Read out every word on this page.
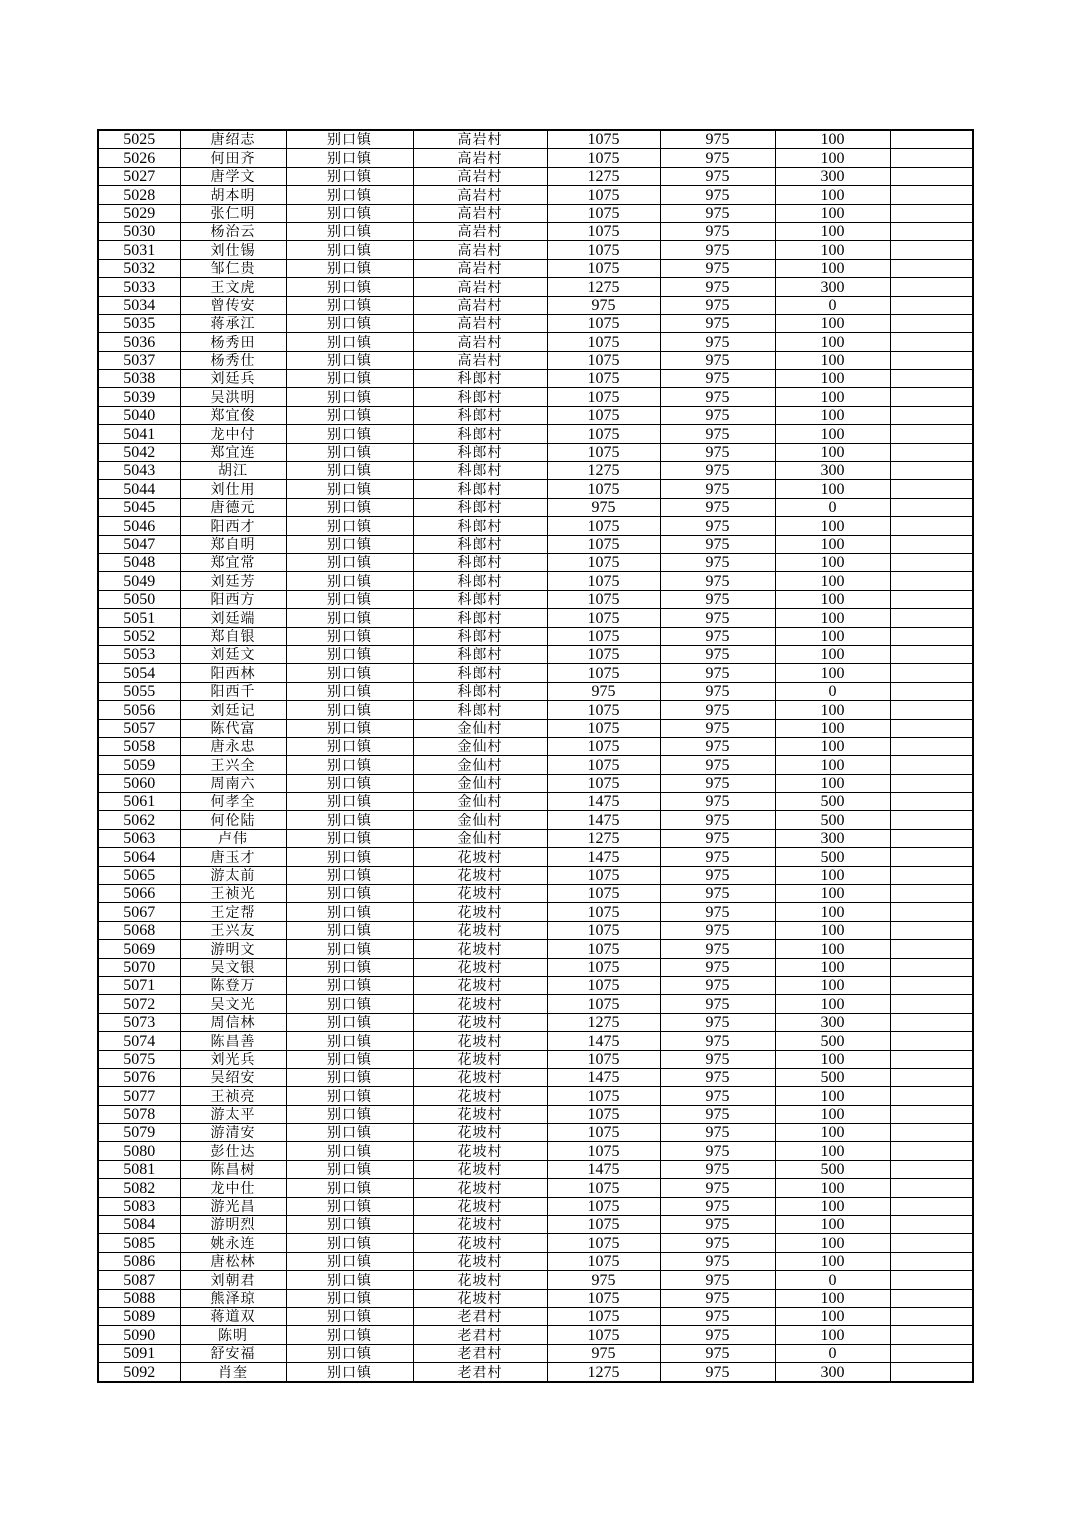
5025	唐绍志	别口镇	高岩村	1075	975	100	
5026	何田齐	别口镇	高岩村	1075	975	100	
5027	唐学文	别口镇	高岩村	1275	975	300	
5028	胡本明	别口镇	高岩村	1075	975	100	
5029	张仁明	别口镇	高岩村	1075	975	100	
5030	杨治云	别口镇	高岩村	1075	975	100	
5031	刘仕锡	别口镇	高岩村	1075	975	100	
5032	邹仁贵	别口镇	高岩村	1075	975	100	
5033	王文虎	别口镇	高岩村	1275	975	300	
5034	曾传安	别口镇	高岩村	975	975	0	
5035	蒋承江	别口镇	高岩村	1075	975	100	
5036	杨秀田	别口镇	高岩村	1075	975	100	
5037	杨秀仕	别口镇	高岩村	1075	975	100	
5038	刘廷兵	别口镇	科郎村	1075	975	100	
5039	吴洪明	别口镇	科郎村	1075	975	100	
5040	郑宜俊	别口镇	科郎村	1075	975	100	
5041	龙中付	别口镇	科郎村	1075	975	100	
5042	郑宜连	别口镇	科郎村	1075	975	100	
5043	胡江	别口镇	科郎村	1275	975	300	
5044	刘仕用	别口镇	科郎村	1075	975	100	
5045	唐德元	别口镇	科郎村	975	975	0	
5046	阳西才	别口镇	科郎村	1075	975	100	
5047	郑自明	别口镇	科郎村	1075	975	100	
5048	郑宜常	别口镇	科郎村	1075	975	100	
5049	刘廷芳	别口镇	科郎村	1075	975	100	
5050	阳西方	别口镇	科郎村	1075	975	100	
5051	刘廷端	别口镇	科郎村	1075	975	100	
5052	郑自银	别口镇	科郎村	1075	975	100	
5053	刘廷文	别口镇	科郎村	1075	975	100	
5054	阳西林	别口镇	科郎村	1075	975	100	
5055	阳西千	别口镇	科郎村	975	975	0	
5056	刘廷记	别口镇	科郎村	1075	975	100	
5057	陈代富	别口镇	金仙村	1075	975	100	
5058	唐永忠	别口镇	金仙村	1075	975	100	
5059	王兴全	别口镇	金仙村	1075	975	100	
5060	周南六	别口镇	金仙村	1075	975	100	
5061	何孝全	别口镇	金仙村	1475	975	500	
5062	何伦陆	别口镇	金仙村	1475	975	500	
5063	卢伟	别口镇	金仙村	1275	975	300	
5064	唐玉才	别口镇	花坡村	1475	975	500	
5065	游太前	别口镇	花坡村	1075	975	100	
5066	王祯光	别口镇	花坡村	1075	975	100	
5067	王定帮	别口镇	花坡村	1075	975	100	
5068	王兴友	别口镇	花坡村	1075	975	100	
5069	游明文	别口镇	花坡村	1075	975	100	
5070	吴文银	别口镇	花坡村	1075	975	100	
5071	陈登万	别口镇	花坡村	1075	975	100	
5072	吴文光	别口镇	花坡村	1075	975	100	
5073	周信林	别口镇	花坡村	1275	975	300	
5074	陈昌善	别口镇	花坡村	1475	975	500	
5075	刘光兵	别口镇	花坡村	1075	975	100	
5076	吴绍安	别口镇	花坡村	1475	975	500	
5077	王祯亮	别口镇	花坡村	1075	975	100	
5078	游太平	别口镇	花坡村	1075	975	100	
5079	游清安	别口镇	花坡村	1075	975	100	
5080	彭仕达	别口镇	花坡村	1075	975	100	
5081	陈昌树	别口镇	花坡村	1475	975	500	
5082	龙中仕	别口镇	花坡村	1075	975	100	
5083	游光昌	别口镇	花坡村	1075	975	100	
5084	游明烈	别口镇	花坡村	1075	975	100	
5085	姚永连	别口镇	花坡村	1075	975	100	
5086	唐松林	别口镇	花坡村	1075	975	100	
5087	刘朝君	别口镇	花坡村	975	975	0	
5088	熊泽琼	别口镇	花坡村	1075	975	100	
5089	蒋道双	别口镇	老君村	1075	975	100	
5090	陈明	别口镇	老君村	1075	975	100	
5091	舒安福	别口镇	老君村	975	975	0	
5092	肖奎	别口镇	老君村	1275	975	300	
